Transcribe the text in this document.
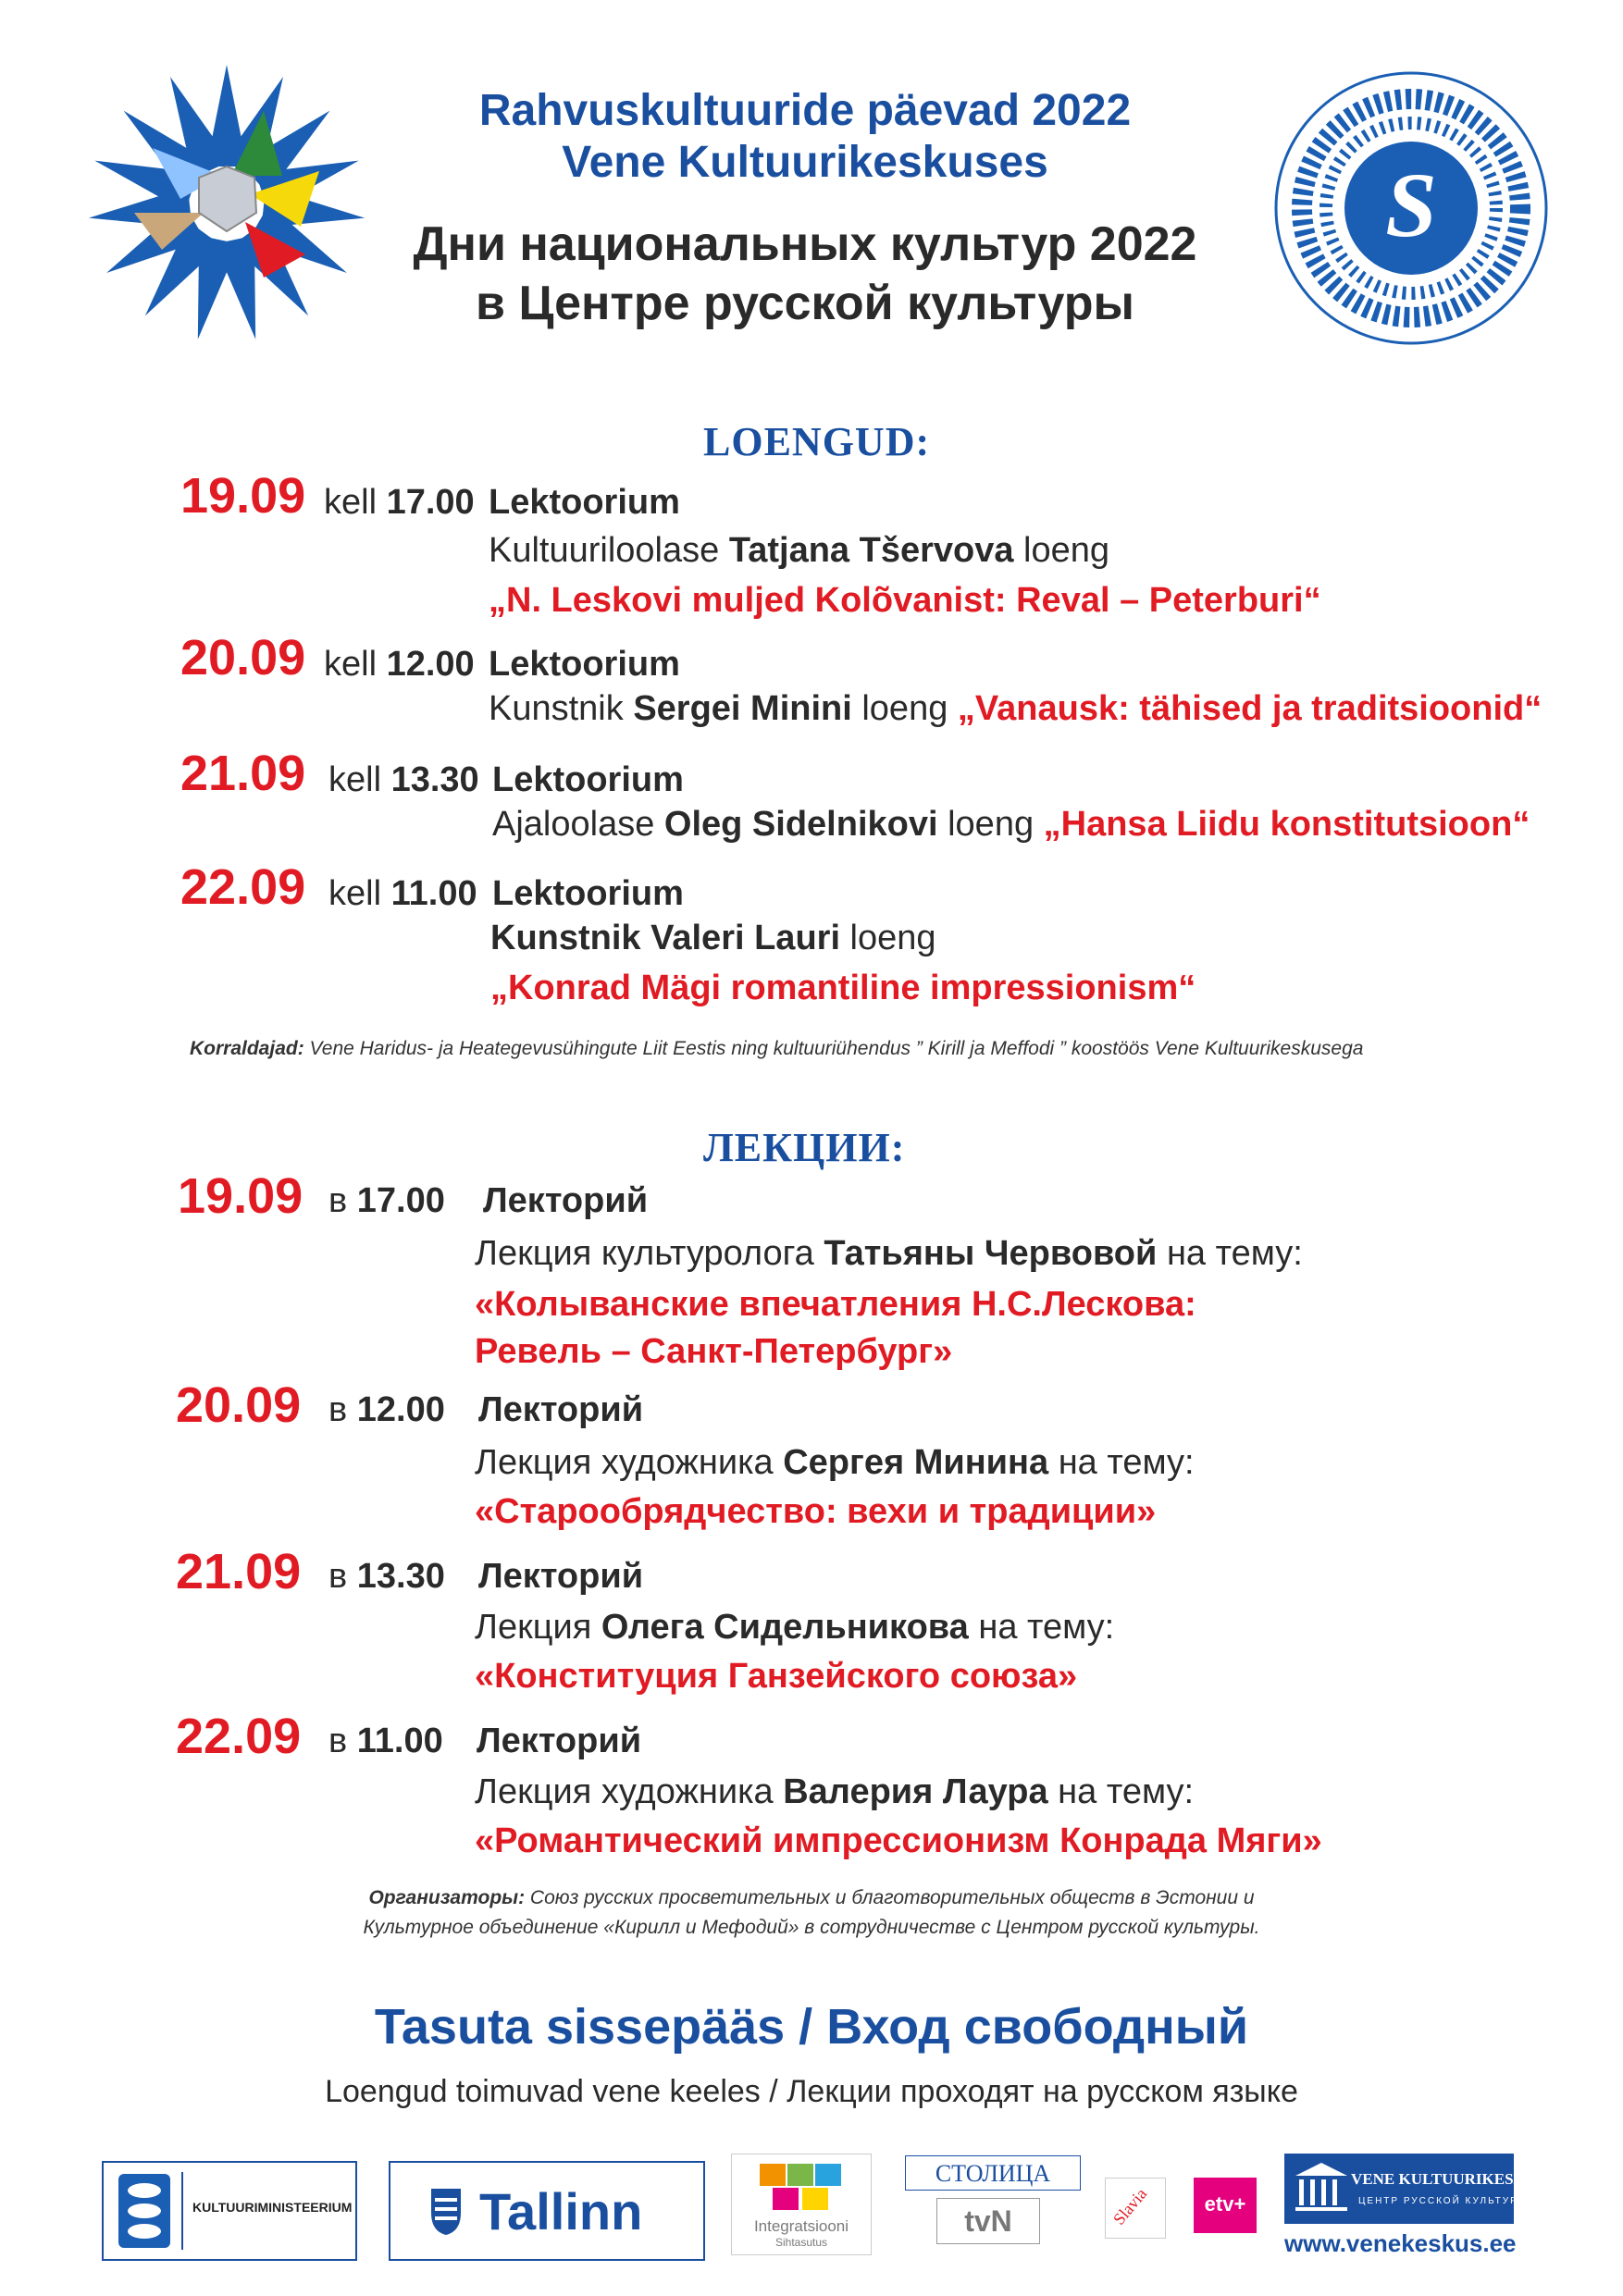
Rahvuskultuuride päevad 2022
Vene Kultuurikeskuses
Дни национальных культур 2022
в Центре русской культуры
S
LOENGUD:
19.09 kell 17.00 Lektoorium
Kultuuriloolase Tatjana Tšervova loeng
„N. Leskovi muljed Kolõvanist: Reval – Peterburi“
20.09 kell 12.00 Lektoorium
Kunstnik Sergei Minini loeng „Vanausk: tähised ja traditsioonid“
21.09 kell 13.30 Lektoorium
Ajaloolase Oleg Sidelnikovi loeng „Hansa Liidu konstitutsioon“
22.09 kell 11.00 Lektoorium
Kunstnik Valeri Lauri loeng
„Konrad Mägi romantiline impressionism“
Korraldajad: Vene Haridus- ja Heategevusühingute Liit Eestis ning kultuuriühendus ” Kirill ja Meffodi ” koostöös Vene Kultuurikeskusega
ЛЕКЦИИ:
19.09 в 17.00 Лекторий
Лекция культуролога Татьяны Червовой на тему:
«Колыванские впечатления Н.С.Лескова:
Ревель – Санкт-Петербург»
20.09 в 12.00 Лекторий
Лекция художника Сергея Минина на тему:
«Старообрядчество: вехи и традиции»
21.09 в 13.30 Лекторий
Лекция Олега Сидельникова на тему:
«Конституция Ганзейского союза»
22.09 в 11.00 Лекторий
Лекция художника Валерия Лаура на тему:
«Романтический импрессионизм Конрада Мяги»
Организаторы: Союз русских просветительных и благотворительных обществ в Эстонии и
Культурное объединение «Кирилл и Мефодий» в сотрудничестве с Центром русской культуры.
Tasuta sissepääs / Вход свободный
Loengud toimuvad vene keeles / Лекции проходят на русском языке
KULTUURIMINISTEERIUM Tallinn	Integratsiooni
Sihtasutus
СТОЛИЦА
tvN	Slavia	etv+
VENE KULTUURIKESKUS
ЦЕНТР РУССКОЙ КУЛЬТУРЫ
www.venekeskus.ee
